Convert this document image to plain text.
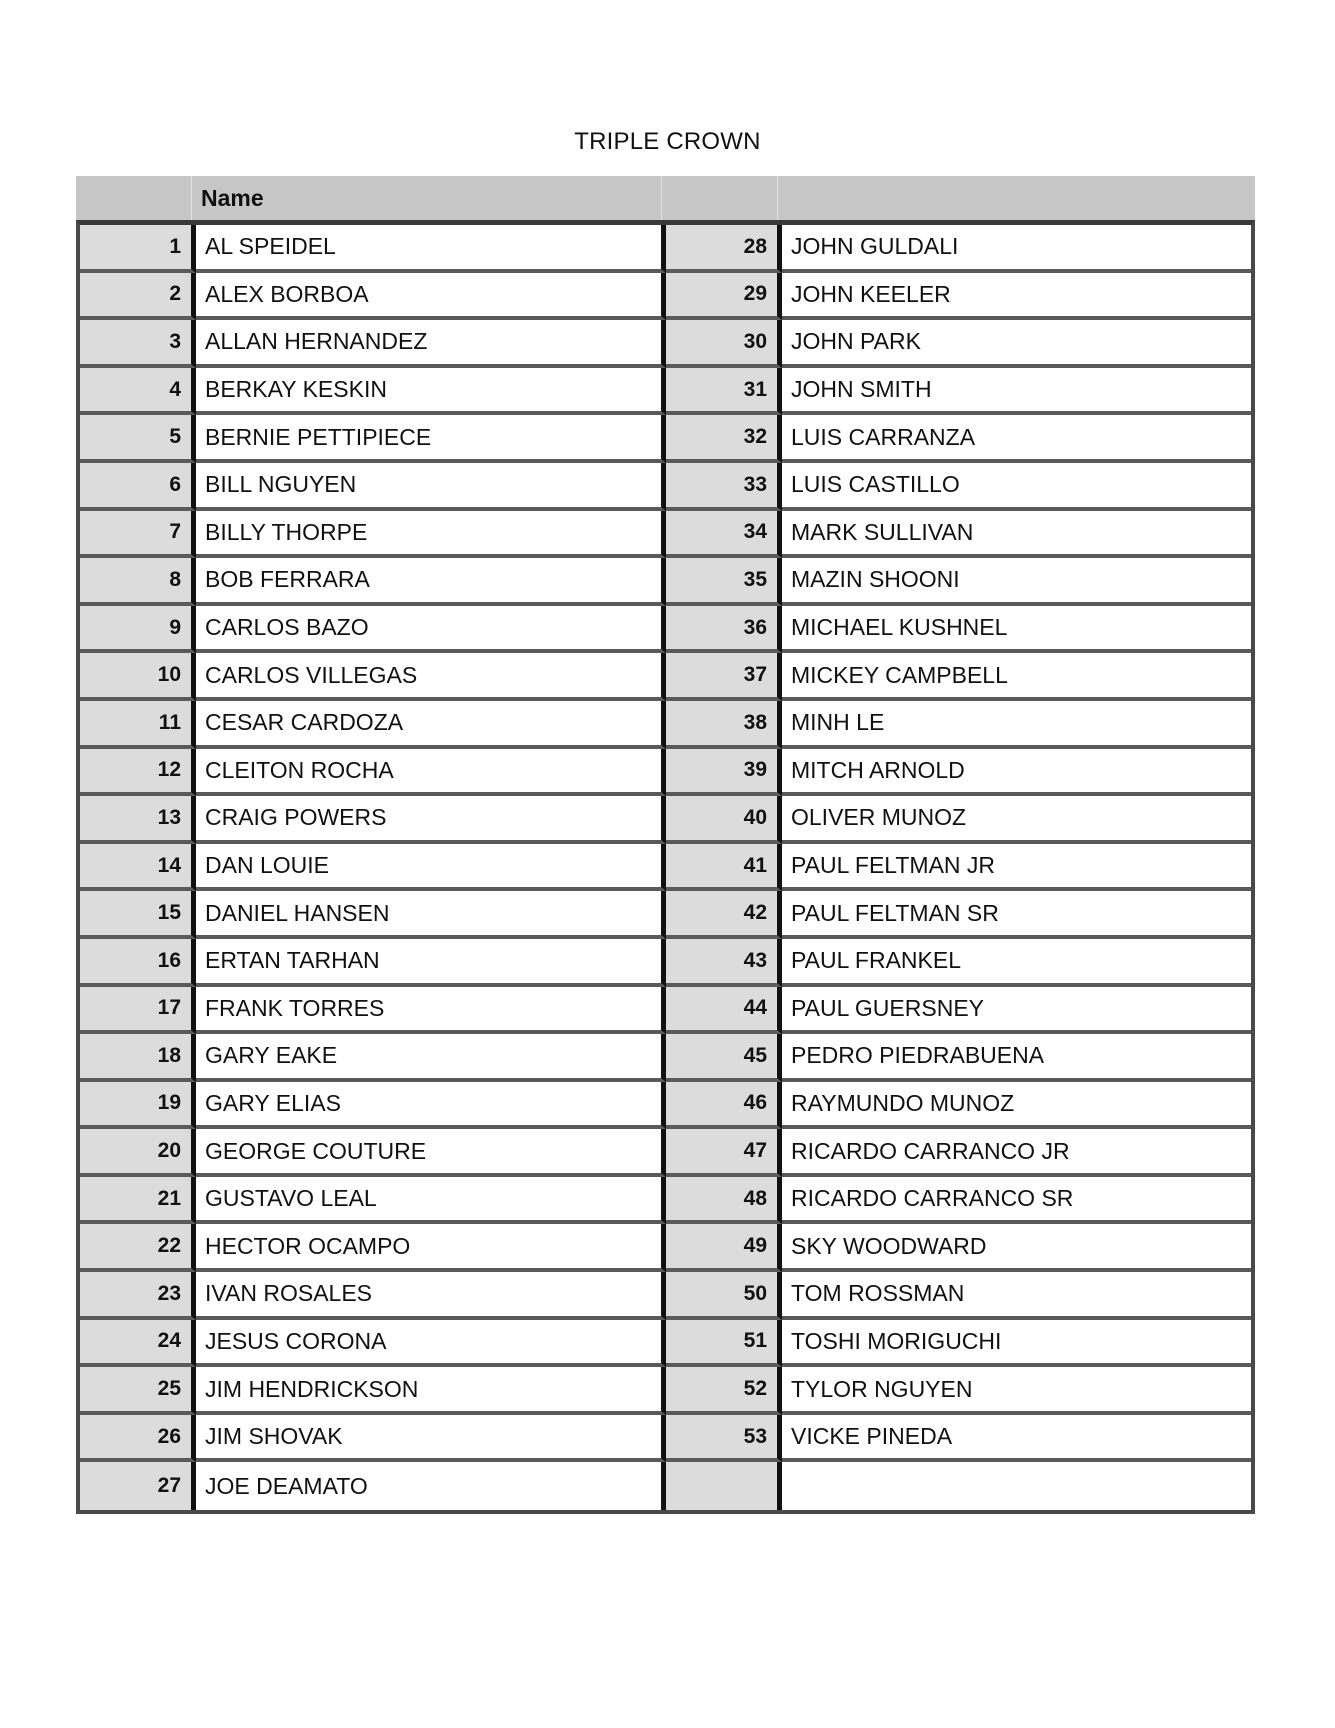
TRIPLE CROWN
Name
1	AL SPEIDEL	28	JOHN GULDALI
2	ALEX BORBOA	29	JOHN KEELER
3	ALLAN HERNANDEZ	30	JOHN PARK
4	BERKAY KESKIN	31	JOHN SMITH
5	BERNIE PETTIPIECE	32	LUIS CARRANZA
6	BILL NGUYEN	33	LUIS CASTILLO
7	BILLY THORPE	34	MARK SULLIVAN
8	BOB FERRARA	35	MAZIN SHOONI
9	CARLOS BAZO	36	MICHAEL KUSHNEL
10	CARLOS VILLEGAS	37	MICKEY CAMPBELL
11	CESAR CARDOZA	38	MINH LE
12	CLEITON ROCHA	39	MITCH ARNOLD
13	CRAIG POWERS	40	OLIVER MUNOZ
14	DAN LOUIE	41	PAUL FELTMAN JR
15	DANIEL HANSEN	42	PAUL FELTMAN SR
16	ERTAN TARHAN	43	PAUL FRANKEL
17	FRANK TORRES	44	PAUL GUERSNEY
18	GARY EAKE	45	PEDRO PIEDRABUENA
19	GARY ELIAS	46	RAYMUNDO MUNOZ
20	GEORGE COUTURE	47	RICARDO CARRANCO JR
21	GUSTAVO LEAL	48	RICARDO CARRANCO SR
22	HECTOR OCAMPO	49	SKY WOODWARD
23	IVAN ROSALES	50	TOM ROSSMAN
24	JESUS CORONA	51	TOSHI MORIGUCHI
25	JIM HENDRICKSON	52	TYLOR NGUYEN
26	JIM SHOVAK	53	VICKE PINEDA
27	JOE DEAMATO
